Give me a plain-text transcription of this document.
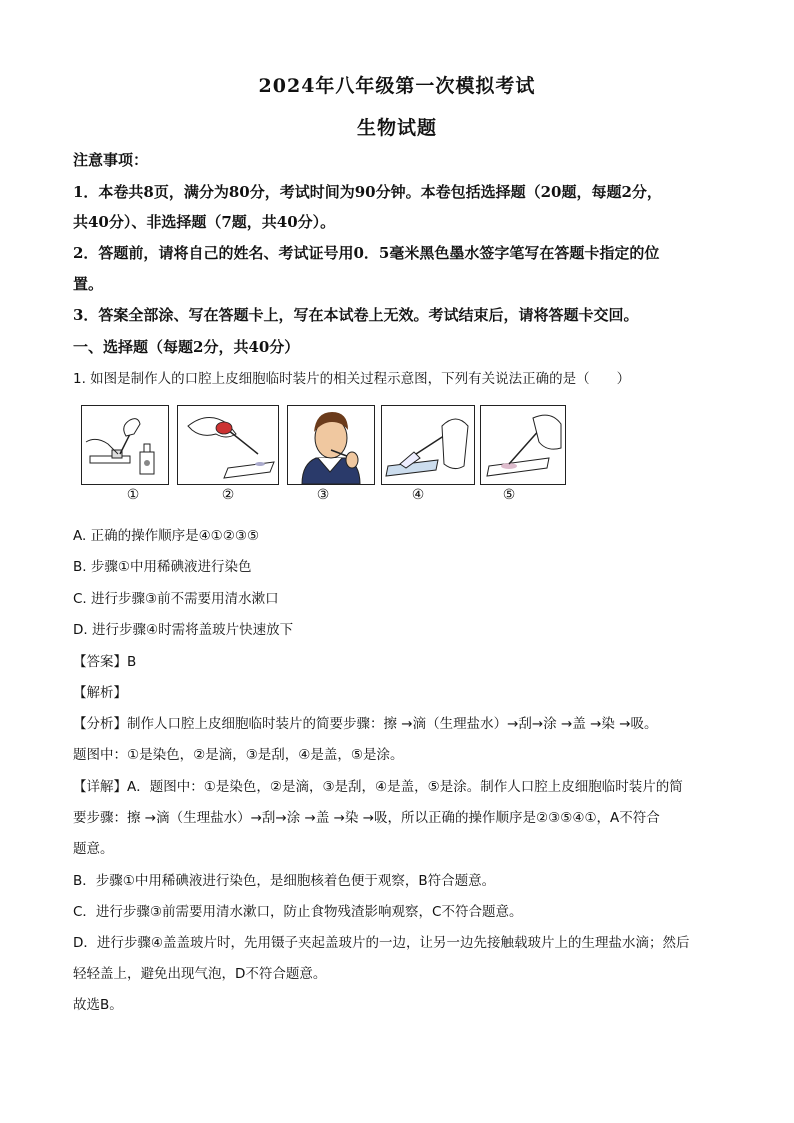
2024年八年级第一次模拟考试
生物试题
注意事项：
1．本卷共8页，满分为80分，考试时间为90分钟。本卷包括选择题（20题，每题2分，
共40分）、非选择题（7题，共40分）。
2．答题前，请将自己的姓名、考试证号用0．5毫米黑色墨水签字笔写在答题卡指定的位
置。
3．答案全部涂、写在答题卡上，写在本试卷上无效。考试结束后，请将答题卡交回。
一、选择题（每题2分，共40分）
1. 如图是制作人的口腔上皮细胞临时装片的相关过程示意图，下列有关说法正确的是（　　）
①	②	③	④	⑤
A. 正确的操作顺序是④①②③⑤
B. 步骤①中用稀碘液进行染色
C. 进行步骤③前不需要用清水漱口
D. 进行步骤④时需将盖玻片快速放下
【答案】B
【解析】
【分析】制作人口腔上皮细胞临时装片的简要步骤：擦 →滴（生理盐水）→刮→涂 →盖 →染 →吸。
题图中：①是染色，②是滴，③是刮，④是盖，⑤是涂。
【详解】A．题图中：①是染色，②是滴，③是刮，④是盖，⑤是涂。制作人口腔上皮细胞临时装片的简
要步骤：擦 →滴（生理盐水）→刮→涂 →盖 →染 →吸，所以正确的操作顺序是②③⑤④①，A不符合
题意。
B．步骤①中用稀碘液进行染色，是细胞核着色便于观察，B符合题意。
C．进行步骤③前需要用清水漱口，防止食物残渣影响观察，C不符合题意。
D．进行步骤④盖盖玻片时，先用镊子夹起盖玻片的一边，让另一边先接触载玻片上的生理盐水滴；然后
轻轻盖上，避免出现气泡，D不符合题意。
故选B。
